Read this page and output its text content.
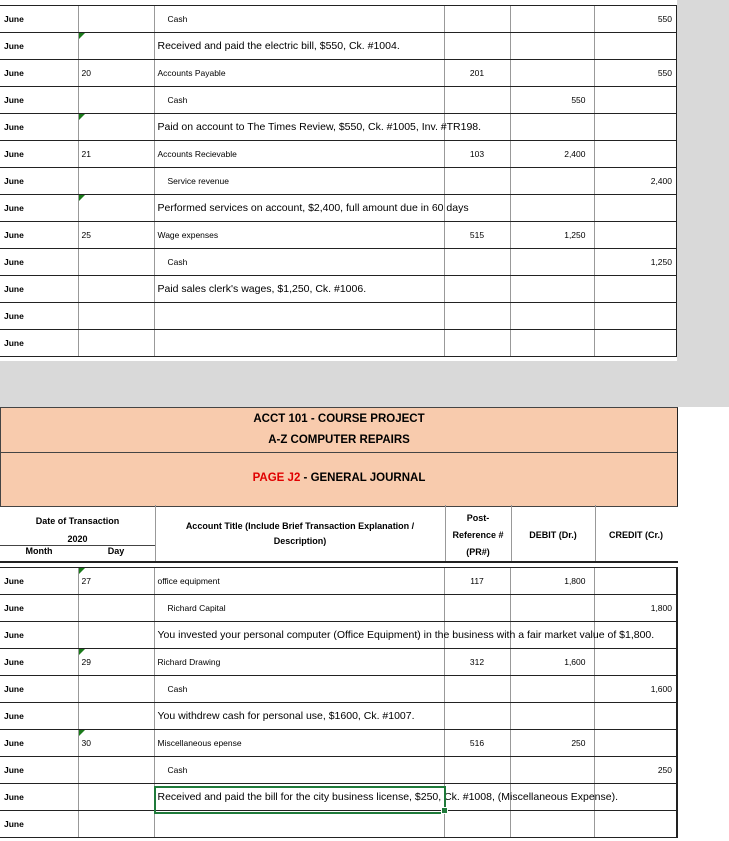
June		Cash			550
June		Received and paid the electric bill, $550, Ck. #1004.			
June	20	Accounts Payable	201		550
June		Cash		550	
June		Paid on account to The Times Review, $550, Ck. #1005, Inv. #TR198.			
June	21	Accounts Recievable	103	2,400	
June		Service revenue			2,400
June		Performed services on account, $2,400, full amount due in 60 days			
June	25	Wage expenses	515	1,250	
June		Cash			1,250
June		Paid sales clerk's wages, $1,250, Ck. #1006.			
June					
June					
ACCT 101 - COURSE PROJECT
A-Z COMPUTER REPAIRS
PAGE J2 - GENERAL JOURNAL
Date of Transaction
2020
Month	Day
Account Title (Include Brief Transaction Explanation / Description)
Post-
Reference #
(PR#)
DEBIT (Dr.)	CREDIT (Cr.)
June	27	office equipment	117	1,800	
June		Richard Capital			1,800
June		You invested your personal computer (Office Equipment) in the business with a fair market value of $1,800.			
June	29	Richard Drawing	312	1,600	
June		Cash			1,600
June		You withdrew cash for personal use, $1600, Ck. #1007.			
June	30	Miscellaneous epense	516	250	
June		Cash			250
June		Received and paid the bill for the city business license, $250, Ck. #1008, (Miscellaneous Expense).			
June					
